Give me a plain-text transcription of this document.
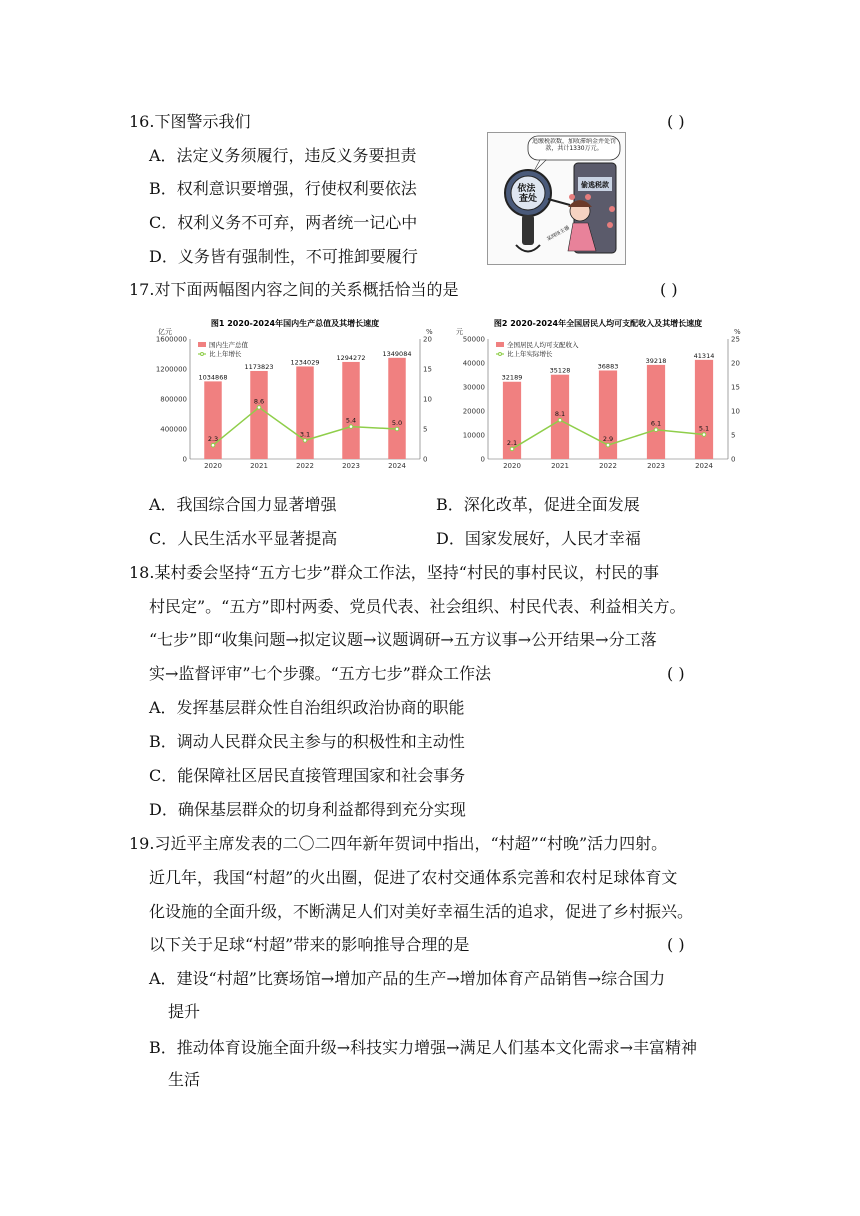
16.下图警示我们	( )
A．法定义务须履行，违反义务要担责
B．权利意识要增强，行使权利要依法
C．权利义务不可弃，两者统一记心中
D．义务皆有强制性，不可推卸要履行
追缴税款数，加收滞纳金并处罚款，共计1330万元。
依法 查处
偷逃税款
某网络主播
17.对下面两幅图内容之间的关系概括恰当的是	( )
图1 2020-2024年国内生产总值及其增长速度
亿元	%
0
400000
800000
1200000
1600000
0
5
10
15
20
国内生产总值
比上年增长
1034868
2020
1173823
2021
1234029
2022
1294272
2023
1349084
2024
2.3
8.6
3.1
5.4	5.0
图2 2020-2024年全国居民人均可支配收入及其增长速度
元	%
0
10000
20000
30000
40000
50000
0
5
10
15
20
25
全国居民人均可支配收入
比上年实际增长
32189
2020
35128
2021
36883
2022
39218
2023
41314
2024
2.1
8.1
2.9
6.1
5.1
A．我国综合国力显著增强	B．深化改革，促进全面发展
C．人民生活水平显著提高	D．国家发展好，人民才幸福
18.某村委会坚持“五方七步”群众工作法，坚持“村民的事村民议，村民的事
村民定”。“五方”即村两委、党员代表、社会组织、村民代表、利益相关方。
“七步”即“收集问题→拟定议题→议题调研→五方议事→公开结果→分工落
实→监督评审”七个步骤。“五方七步”群众工作法	( )
A．发挥基层群众性自治组织政治协商的职能
B．调动人民群众民主参与的积极性和主动性
C．能保障社区居民直接管理国家和社会事务
D．确保基层群众的切身利益都得到充分实现
19.习近平主席发表的二〇二四年新年贺词中指出，“村超”“村晚”活力四射。
近几年，我国“村超”的火出圈，促进了农村交通体系完善和农村足球体育文
化设施的全面升级，不断满足人们对美好幸福生活的追求，促进了乡村振兴。
以下关于足球“村超”带来的影响推导合理的是	( )
A．建设“村超”比赛场馆→增加产品的生产→增加体育产品销售→综合国力
提升
B．推动体育设施全面升级→科技实力增强→满足人们基本文化需求→丰富精神
生活
